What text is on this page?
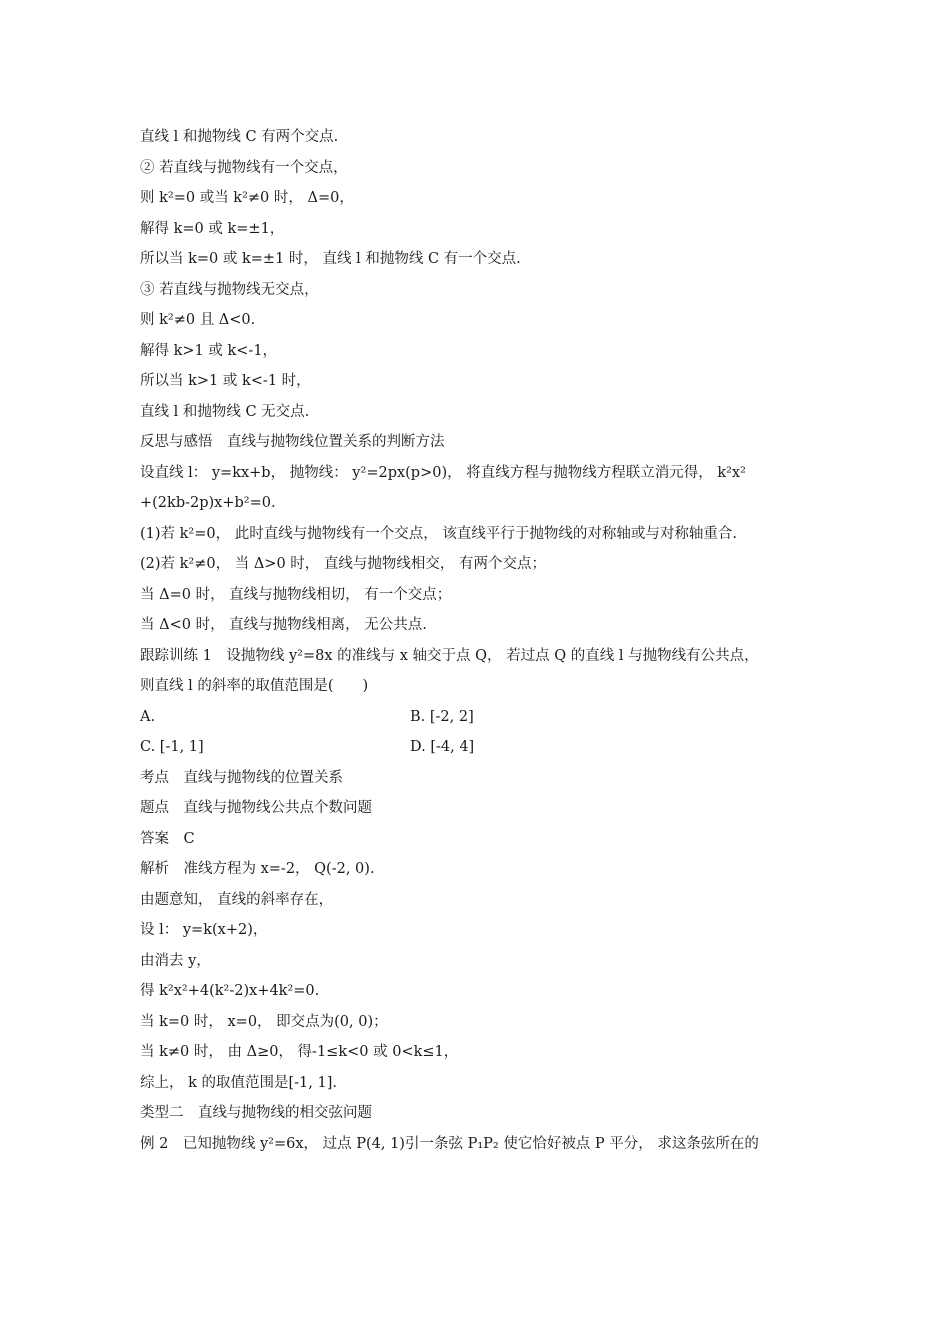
直线 l 和抛物线 C 有两个交点.
② 若直线与抛物线有一个交点，
则 k²=0 或当 k²≠0 时， Δ=0，
解得 k=0 或 k=±1，
所以当 k=0 或 k=±1 时， 直线 l 和抛物线 C 有一个交点.
③ 若直线与抛物线无交点，
则 k²≠0 且 Δ<0.
解得 k>1 或 k<-1，
所以当 k>1 或 k<-1 时，
直线 l 和抛物线 C 无交点.
反思与感悟　直线与抛物线位置关系的判断方法
设直线 l： y=kx+b， 抛物线： y²=2px(p>0)， 将直线方程与抛物线方程联立消元得， k²x²
+(2kb-2p)x+b²=0.
(1)若 k²=0， 此时直线与抛物线有一个交点， 该直线平行于抛物线的对称轴或与对称轴重合.
(2)若 k²≠0， 当 Δ>0 时， 直线与抛物线相交， 有两个交点；
当 Δ=0 时， 直线与抛物线相切， 有一个交点；
当 Δ<0 时， 直线与抛物线相离， 无公共点.
跟踪训练 1　设抛物线 y²=8x 的准线与 x 轴交于点 Q， 若过点 Q 的直线 l 与抛物线有公共点，
则直线 l 的斜率的取值范围是(　　)
A.	B. [-2, 2]
C. [-1, 1]	D. [-4, 4]
考点　直线与抛物线的位置关系
题点　直线与抛物线公共点个数问题
答案　C
解析　准线方程为 x=-2， Q(-2, 0).
由题意知， 直线的斜率存在，
设 l： y=k(x+2)，
由消去 y，
得 k²x²+4(k²-2)x+4k²=0.
当 k=0 时， x=0， 即交点为(0, 0)；
当 k≠0 时， 由 Δ≥0， 得-1≤k<0 或 0<k≤1，
综上， k 的取值范围是[-1, 1].
类型二　直线与抛物线的相交弦问题
例 2　已知抛物线 y²=6x， 过点 P(4, 1)引一条弦 P₁P₂ 使它恰好被点 P 平分， 求这条弦所在的
